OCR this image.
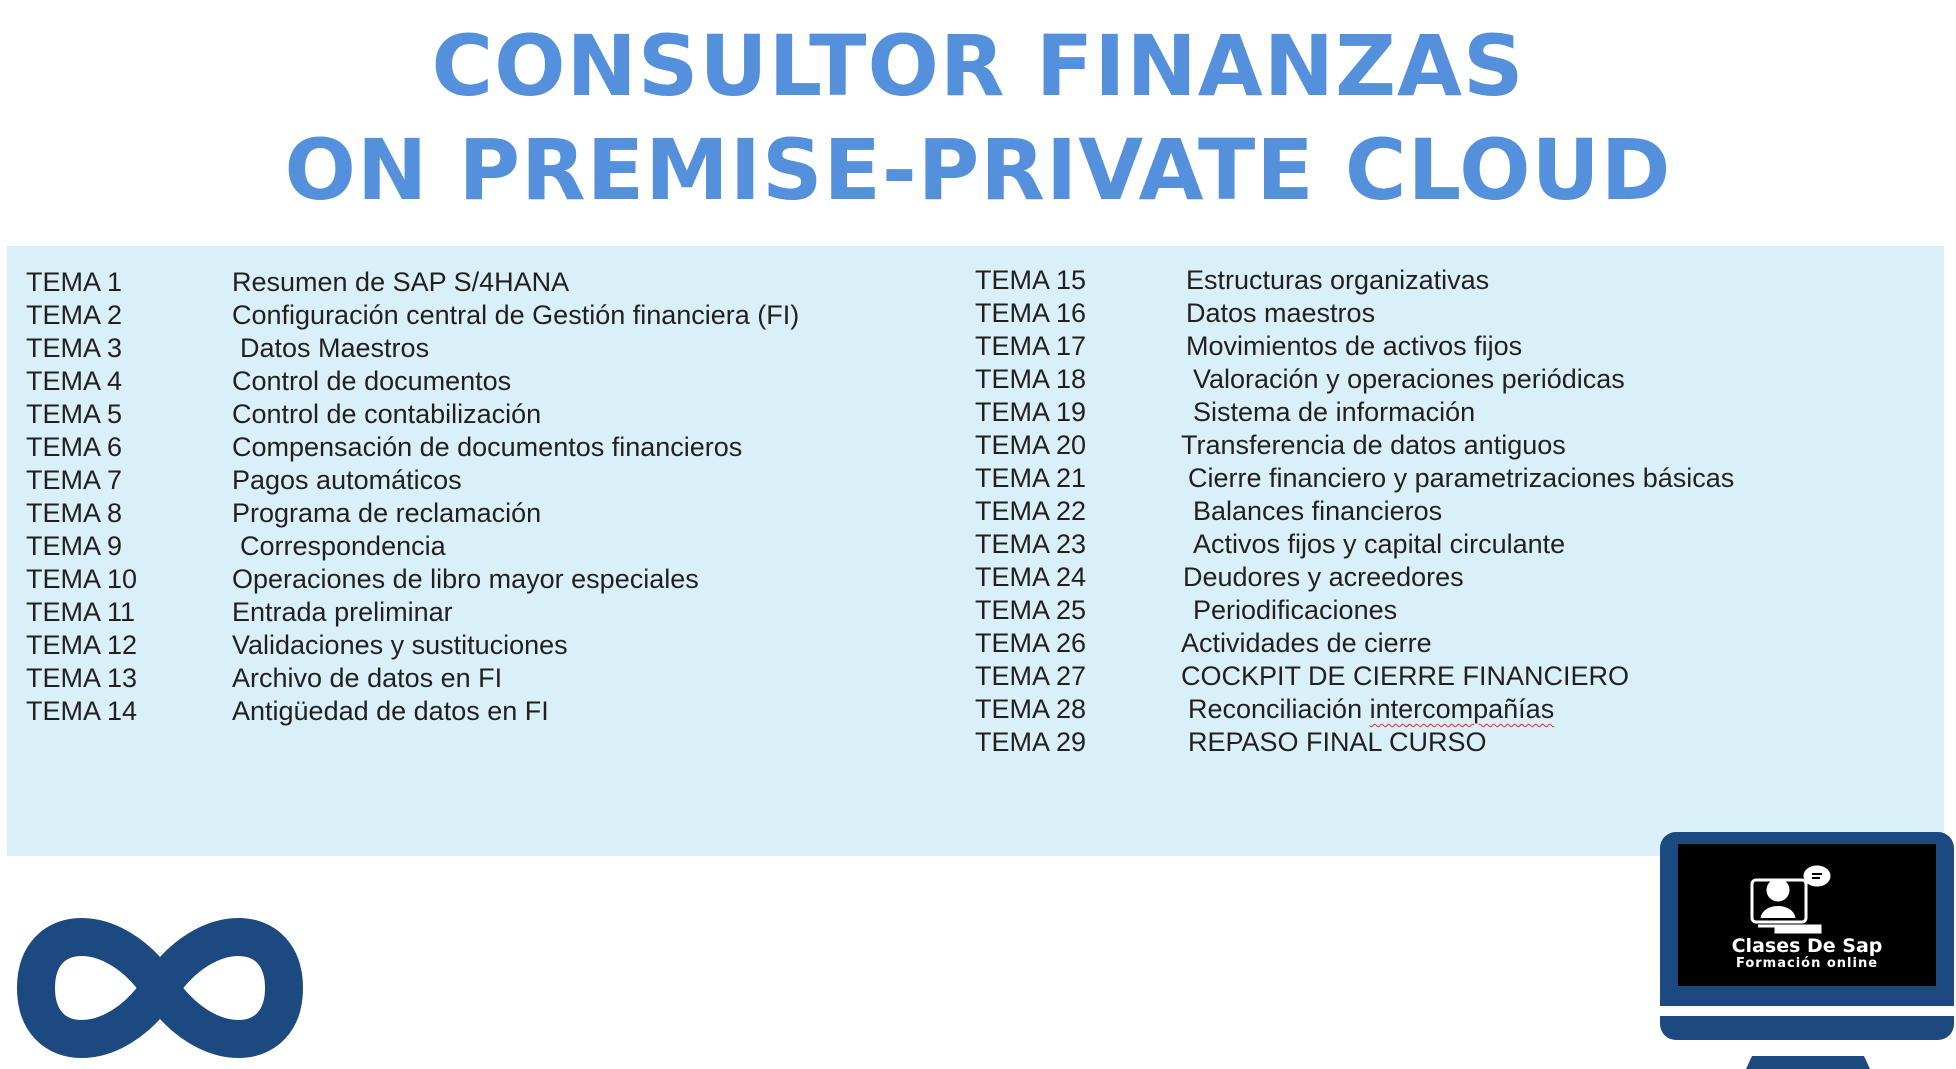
CONSULTOR FINANZAS
ON PREMISE-PRIVATE CLOUD
TEMA 1	Resumen de SAP S/4HANA
TEMA 2	Configuración central de Gestión financiera (FI)
TEMA 3	Datos Maestros
TEMA 4	Control de documentos
TEMA 5	Control de contabilización
TEMA 6	Compensación de documentos financieros
TEMA 7	Pagos automáticos
TEMA 8	Programa de reclamación
TEMA 9	Correspondencia
TEMA 10	Operaciones de libro mayor especiales
TEMA 11	Entrada preliminar
TEMA 12	Validaciones y sustituciones
TEMA 13	Archivo de datos en FI
TEMA 14	Antigüedad de datos en FI
TEMA 15	Estructuras organizativas
TEMA 16	Datos maestros
TEMA 17	Movimientos de activos fijos
TEMA 18	Valoración y operaciones periódicas
TEMA 19	Sistema de información
TEMA 20	Transferencia de datos antiguos
TEMA 21	Cierre financiero y parametrizaciones básicas
TEMA 22	Balances financieros
TEMA 23	Activos fijos y capital circulante
TEMA 24	Deudores y acreedores
TEMA 25	Periodificaciones
TEMA 26	Actividades de cierre
TEMA 27	COCKPIT DE CIERRE FINANCIERO
TEMA 28	Reconciliación intercompañías
TEMA 29	REPASO FINAL CURSO
Clases De Sap
Formación online
